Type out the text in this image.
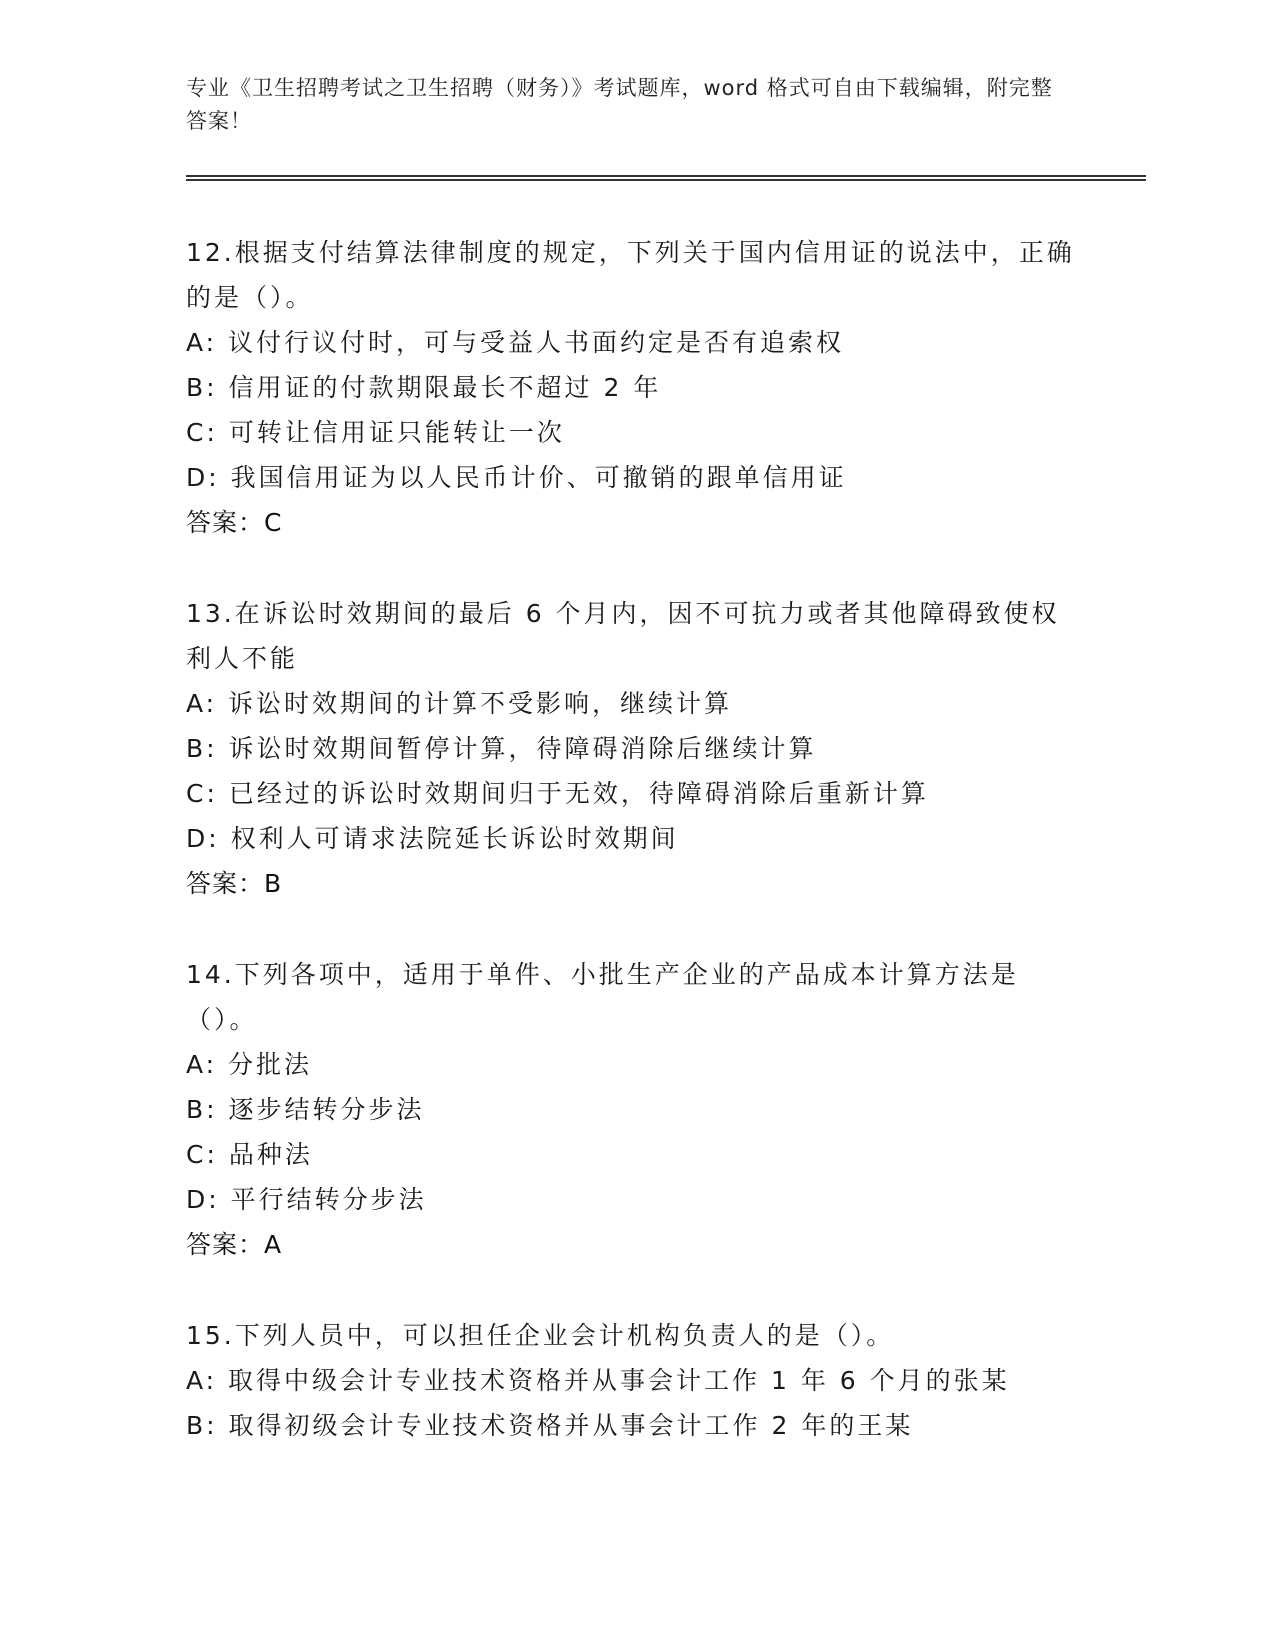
专业《卫生招聘考试之卫生招聘（财务）》考试题库，word 格式可自由下载编辑，附完整答案！

12.根据支付结算法律制度的规定，下列关于国内信用证的说法中，正确的是（）。

A: 议付行议付时，可与受益人书面约定是否有追索权

B: 信用证的付款期限最长不超过 2 年

C: 可转让信用证只能转让一次

D: 我国信用证为以人民币计价、可撤销的跟单信用证

答案：C

13.在诉讼时效期间的最后 6 个月内，因不可抗力或者其他障碍致使权利人不能

A: 诉讼时效期间的计算不受影响，继续计算

B: 诉讼时效期间暂停计算，待障碍消除后继续计算

C: 已经过的诉讼时效期间归于无效，待障碍消除后重新计算

D: 权利人可请求法院延长诉讼时效期间

答案：B

14.下列各项中，适用于单件、小批生产企业的产品成本计算方法是（）。

A: 分批法

B: 逐步结转分步法

C: 品种法

D: 平行结转分步法

答案：A

15.下列人员中，可以担任企业会计机构负责人的是（）。

A: 取得中级会计专业技术资格并从事会计工作 1 年 6 个月的张某

B: 取得初级会计专业技术资格并从事会计工作 2 年的王某
